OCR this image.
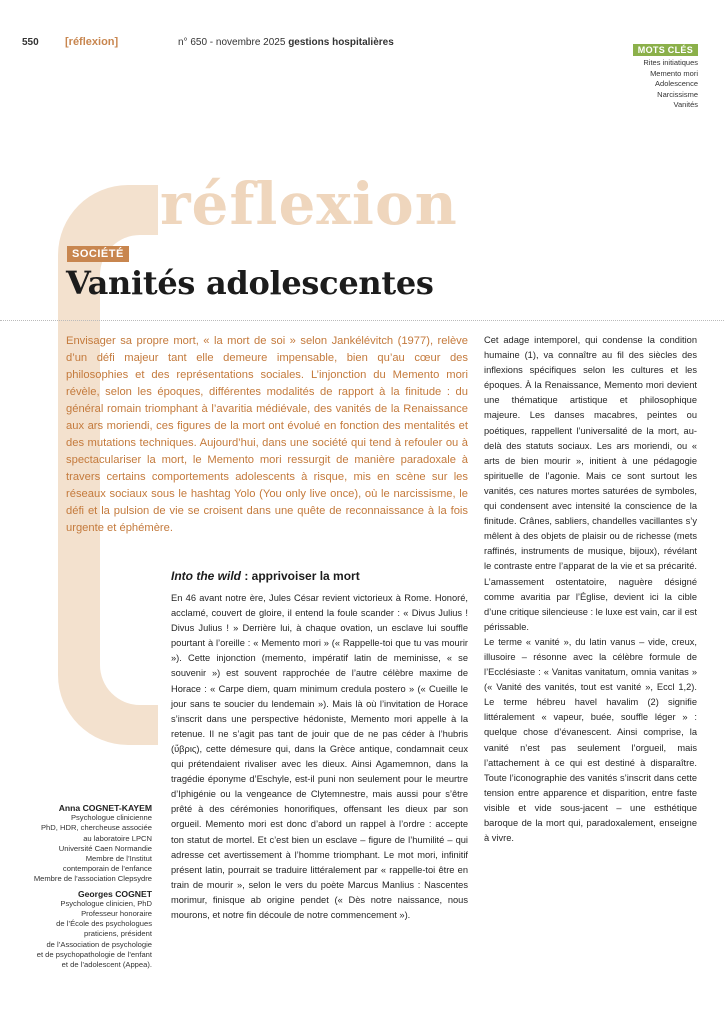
550 [réflexion]	n° 650 - novembre 2025 gestions hospitalières
MOTS CLÉS
Rites initiatiques
Memento mori
Adolescence
Narcissisme
Vanités
réflexion
SOCIÉTÉ
Vanités adolescentes

Envisager sa propre mort, « la mort de soi » selon Jankélévitch (1977), relève d’un défi majeur tant elle demeure impensable, bien qu’au cœur des philosophies et des représentations sociales. L’injonction du Memento mori révèle, selon les époques, différentes modalités de rapport à la finitude : du général romain triomphant à l’avaritia médiévale, des vanités de la Renaissance aux ars moriendi, ces figures de la mort ont évolué en fonction des mentalités et des mutations techniques. Aujourd’hui, dans une société qui tend à refouler ou à spectaculariser la mort, le Memento mori ressurgit de manière paradoxale à travers certains comportements adolescents à risque, mis en scène sur les réseaux sociaux sous le hashtag Yolo (You only live once), où le narcissisme, le défi et la pulsion de vie se croisent dans une quête de reconnaissance à la fois urgente et éphémère.

Into the wild : apprivoiser la mort

En 46 avant notre ère, Jules César revient victorieux à Rome. Honoré, acclamé, couvert de gloire, il entend la foule scander : « Divus Julius ! Divus Julius ! » Derrière lui, à chaque ovation, un esclave lui souffle pourtant à l’oreille : « Memento mori » (« Rappelle-toi que tu vas mourir »). Cette injonction (memento, impératif latin de meminisse, « se souvenir ») est souvent rapprochée de l’autre célèbre maxime de Horace : « Carpe diem, quam minimum credula postero » (« Cueille le jour sans te soucier du lendemain »). Mais là où l’invitation de Horace s’inscrit dans une perspective hédoniste, Memento mori appelle à la retenue. Il ne s’agit pas tant de jouir que de ne pas céder à l’hubris (ὕβρις), cette démesure qui, dans la Grèce antique, condamnait ceux qui prétendaient rivaliser avec les dieux. Ainsi Agamemnon, dans la tragédie éponyme d’Eschyle, est-il puni non seulement pour le meurtre d’Iphigénie ou la vengeance de Clytemnestre, mais aussi pour s’être prêté à des cérémonies honorifiques, offensant les dieux par son orgueil. Memento mori est donc d’abord un rappel à l’ordre : accepte ton statut de mortel. Et c’est bien un esclave – figure de l’humilité – qui adresse cet avertissement à l’homme triomphant. Le mot mori, infinitif présent latin, pourrait se traduire littéralement par « rappelle-toi être en train de mourir », selon le vers du poète Marcus Manlius : Nascentes morimur, finisque ab origine pendet (« Dès notre naissance, nous mourons, et notre fin découle de notre commencement »).

Cet adage intemporel, qui condense la condition humaine (1), va connaître au fil des siècles des inflexions spécifiques selon les cultures et les époques. À la Renaissance, Memento mori devient une thématique artistique et philosophique majeure. Les danses macabres, peintes ou poétiques, rappellent l’universalité de la mort, au-delà des statuts sociaux. Les ars moriendi, ou « arts de bien mourir », initient à une pédagogie spirituelle de l’agonie. Mais ce sont surtout les vanités, ces natures mortes saturées de symboles, qui condensent avec intensité la conscience de la finitude. Crânes, sabliers, chandelles vacillantes s’y mêlent à des objets de plaisir ou de richesse (mets raffinés, instruments de musique, bijoux), révélant le contraste entre l’apparat de la vie et sa précarité. L’amassement ostentatoire, naguère désigné comme avaritia par l’Église, devient ici la cible d’une critique silencieuse : le luxe est vain, car il est périssable.

Le terme « vanité », du latin vanus – vide, creux, illusoire – résonne avec la célèbre formule de l’Ecclésiaste : « Vanitas vanitatum, omnia vanitas » (« Vanité des vanités, tout est vanité », Eccl 1,2). Le terme hébreu havel havalim (2) signifie littéralement « vapeur, buée, souffle léger » : quelque chose d’évanescent. Ainsi comprise, la vanité n’est pas seulement l’orgueil, mais l’attachement à ce qui est destiné à disparaître. Toute l’iconographie des vanités s’inscrit dans cette tension entre apparence et disparition, entre faste visible et vide sous-jacent – une esthétique baroque de la mort qui, paradoxalement, enseigne à vivre.

Anna COGNET-KAYEM

Psychologue clinicienne

PhD, HDR, chercheuse associée

au laboratoire LPCN

Université Caen Normandie

Membre de l’Institut

contemporain de l’enfance

Membre de l’association Clepsydre

Georges COGNET

Psychologue clinicien, PhD

Professeur honoraire

de l’École des psychologues

praticiens, président

de l’Association de psychologie

et de psychopathologie de l’enfant

et de l’adolescent (Appea).
